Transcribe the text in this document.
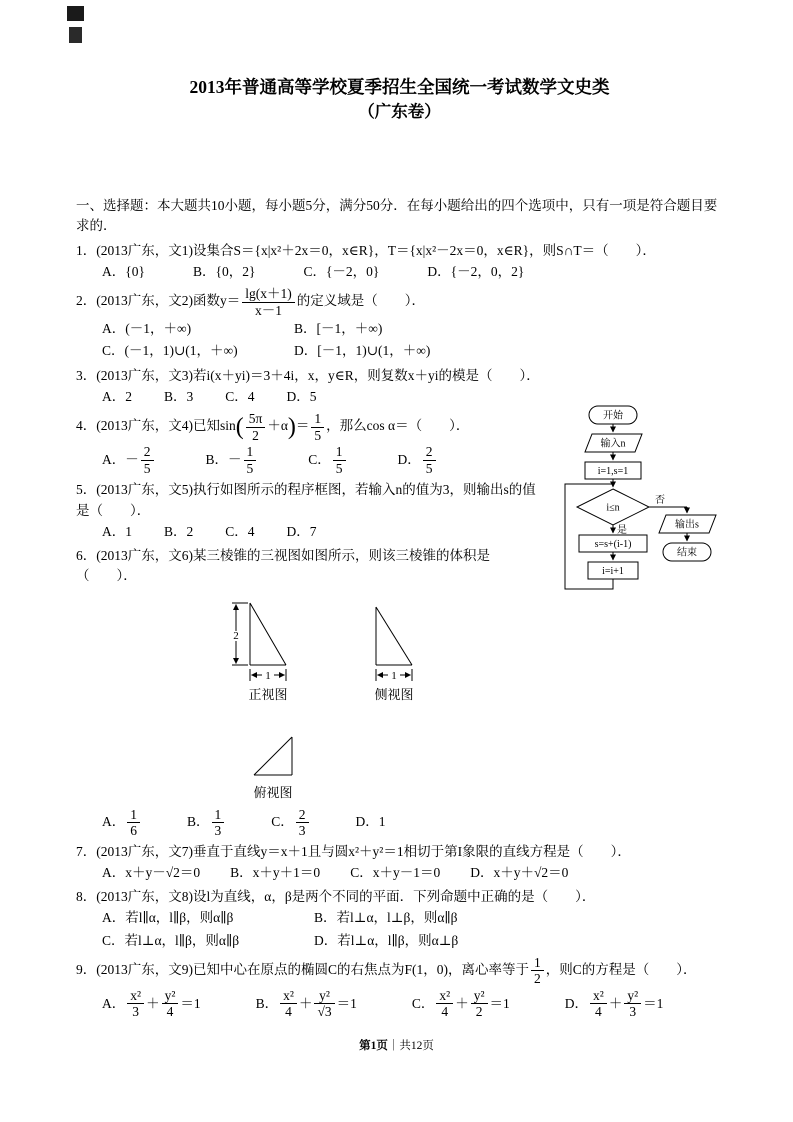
2013年普通高等学校夏季招生全国统一考试数学文史类
（广东卷）

一、选择题：本大题共10小题，每小题5分，满分50分．在每小题给出的四个选项中，只有一项是符合题目要求的．

1．(2013广东，文1)设集合S＝{x|x²＋2x＝0，x∈R}，T＝{x|x²－2x＝0，x∈R}，则S∩T＝（　　）．

A．{0}	B．{0，2}	C．{－2，0}	D．{－2，0，2}

2．(2013广东，文2)函数$y= \frac{\lg(x+1)}{x-1}$ 的定义域是（　　）．

A．(－1，＋∞)	B．[－1，＋∞)
C．(－1，1)∪(1，＋∞)	D．[－1，1)∪(1，＋∞)

3．(2013广东，文3)若i(x＋yi)＝3＋4i，x，y∈R，则复数x＋yi的模是（　　）．

A．2 B．3 C．4 D．5
开始
输入n
i=1,s=1
i≤n
否
是
s=s+(i-1)
i=i+1
输出s
结束

4．(2013广东，文4)已知$\sin( \frac{5\pi}{2} +\alpha)= \frac{1}{5}$ ，那么cos α＝（　　）．

A． － $\frac{2}{5}$	B． － $\frac{1}{5}$	C． $\frac{1}{5}$	D． $\frac{2}{5}$

5．(2013广东，文5)执行如图所示的程序框图，若输入n的值为3，则输出s的值是（　　）．

A．1 B．2 C．4 D．7

6．(2013广东，文6)某三棱锥的三视图如图所示，则该三棱锥的体积是（　　）．

2
1
正视图
1
侧视图
俯视图
A． $\frac{1}{6}$	B． $\frac{1}{3}$	C． $\frac{2}{3}$	D．1

7．(2013广东，文7)垂直于直线y＝x＋1且与圆x²＋y²＝1相切于第I象限的直线方程是（　　）．

A．x＋y－√2＝0 B．x＋y＋1＝0 C．x＋y－1＝0 D．x＋y＋√2＝0

8．(2013广东，文8)设l为直线，α，β是两个不同的平面．下列命题中正确的是（　　）．

A．若l∥α，l∥β，则α∥β	B．若l⊥α，l⊥β，则α∥β
C．若l⊥α，l∥β，则α∥β	D．若l⊥α，l∥β，则α⊥β

9．(2013广东，文9)已知中心在原点的椭圆C的右焦点为F(1，0)，离心率等于 $\frac{1}{2}$ ，则C的方程是（　　）．

A． $\frac{\text{x²}}{3} + \frac{\text{y²}}{4} =1$	B． $\frac{\text{x²}}{4} + \frac{\text{y²}}{√3} =1$	C． $\frac{\text{x²}}{4} + \frac{\text{y²}}{2} =1$	D． $\frac{\text{x²}}{4} + \frac{\text{y²}}{3} =1$
第1页｜共12页
